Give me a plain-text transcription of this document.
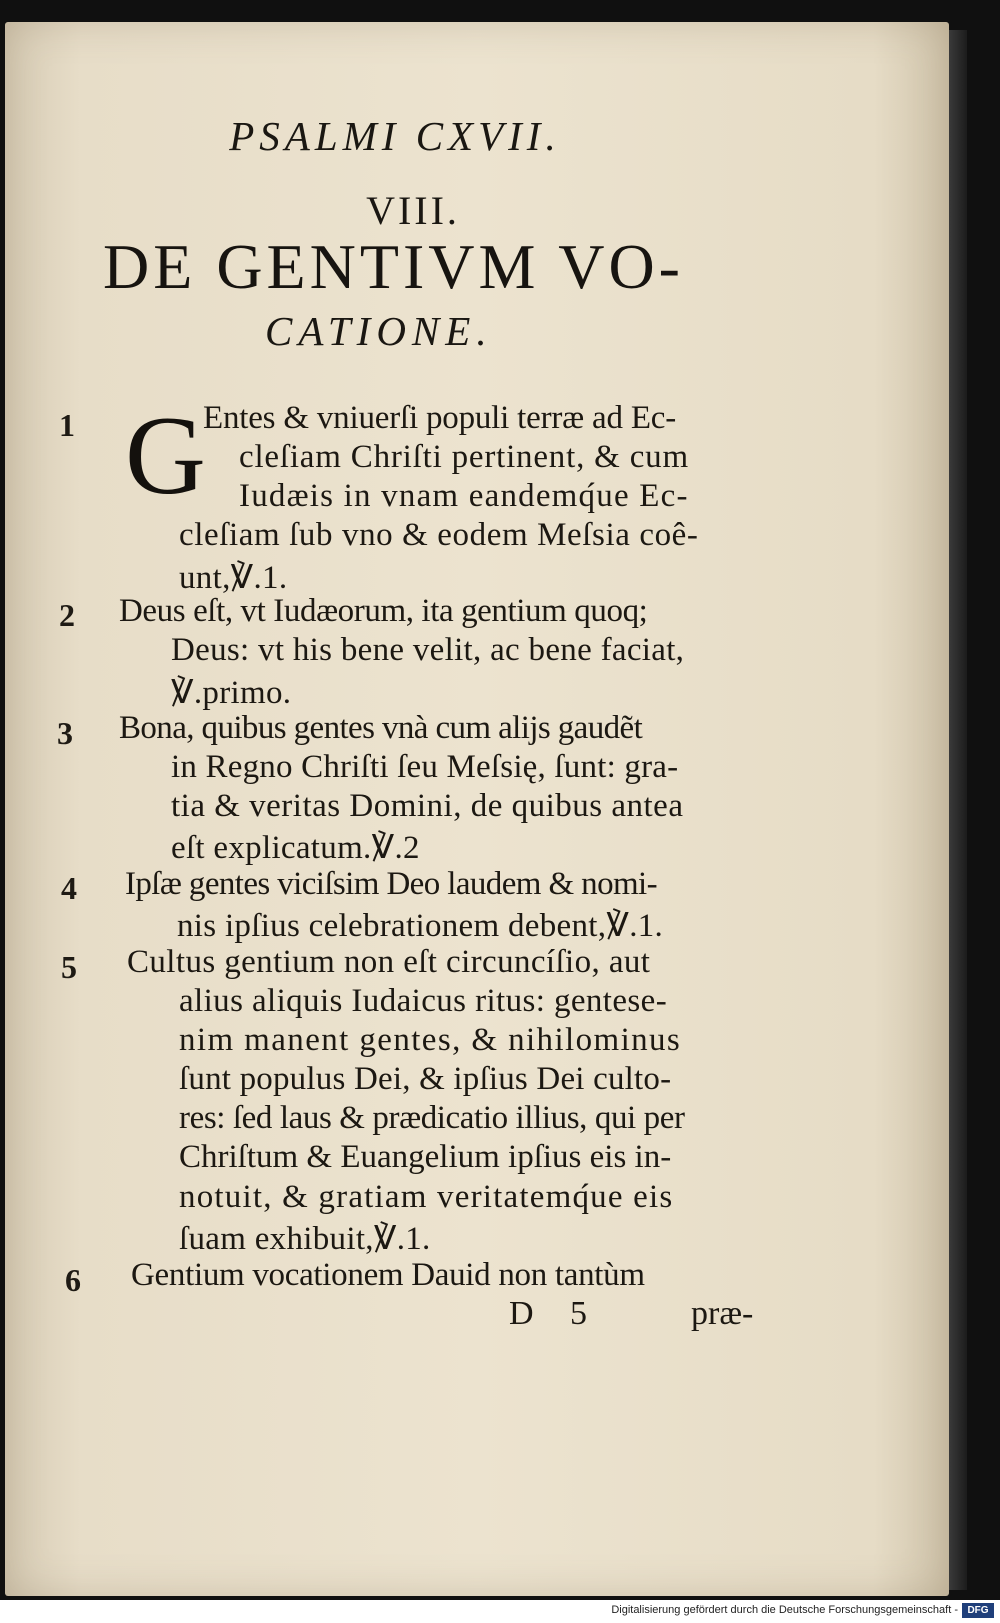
PSALMI CXVII.
VIII.
DE GENTIVM VO-
CATIONE.
1 G
Entes & vniuerſi populi terræ ad Ec-
cleſiam Chriſti pertinent, & cum
Iudæis in vnam eandemq́ue Ec-
cleſiam ſub vno & eodem Meſsia coê-
unt,℣.1.
2 Deus eſt, vt Iudæorum, ita gentium quoq;
Deus: vt his bene velit, ac bene faciat,
℣.primo.
3 Bona, quibus gentes vnà cum alijs gaudẽt
in Regno Chriſti ſeu Meſsię, ſunt: gra-
tia & veritas Domini, de quibus antea
eſt explicatum.℣.2
4 Ipſæ gentes viciſsim Deo laudem & nomi-
nis ipſius celebrationem debent,℣.1.
5 Cultus gentium non eſt circuncíſio, aut
alius aliquis Iudaicus ritus: gentese-
nim manent gentes, & nihilominus
ſunt populus Dei, & ipſius Dei culto-
res: ſed laus & prædicatio illius, qui per
Chriſtum & Euangelium ipſius eis in-
notuit, & gratiam veritatemq́ue eis
ſuam exhibuit,℣.1.
6 Gentium vocationem Dauid non tantùm
D 5	præ-
Digitalisierung gefördert durch die Deutsche Forschungsgemeinschaft - DFG
